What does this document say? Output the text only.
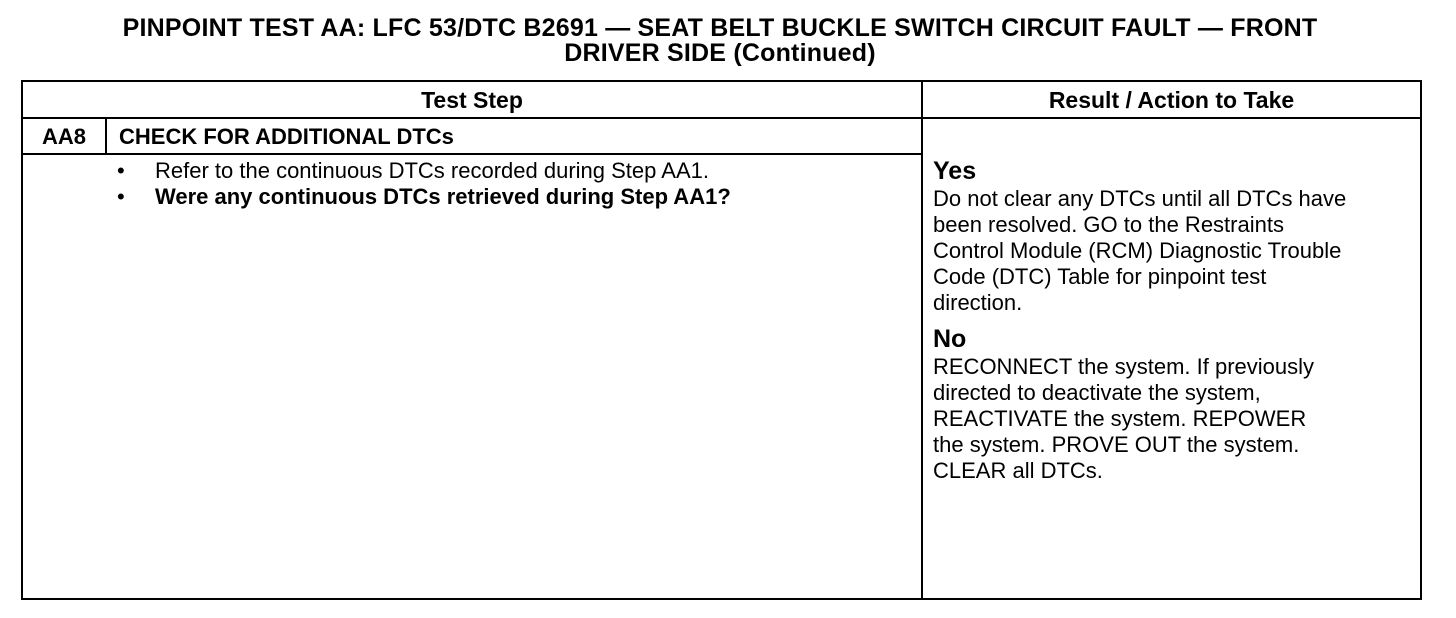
PINPOINT TEST AA: LFC 53/DTC B2691 — SEAT BELT BUCKLE SWITCH CIRCUIT FAULT — FRONT
DRIVER SIDE (Continued)
Test Step	Result / Action to Take
AA8	CHECK FOR ADDITIONAL DTCs
•	Refer to the continuous DTCs recorded during Step AA1.
•	Were any continuous DTCs retrieved during Step AA1?
Yes
Do not clear any DTCs until all DTCs have
been resolved. GO to the Restraints
Control Module (RCM) Diagnostic Trouble
Code (DTC) Table for pinpoint test
direction.
No
RECONNECT the system. If previously
directed to deactivate the system,
REACTIVATE the system. REPOWER
the system. PROVE OUT the system.
CLEAR all DTCs.
